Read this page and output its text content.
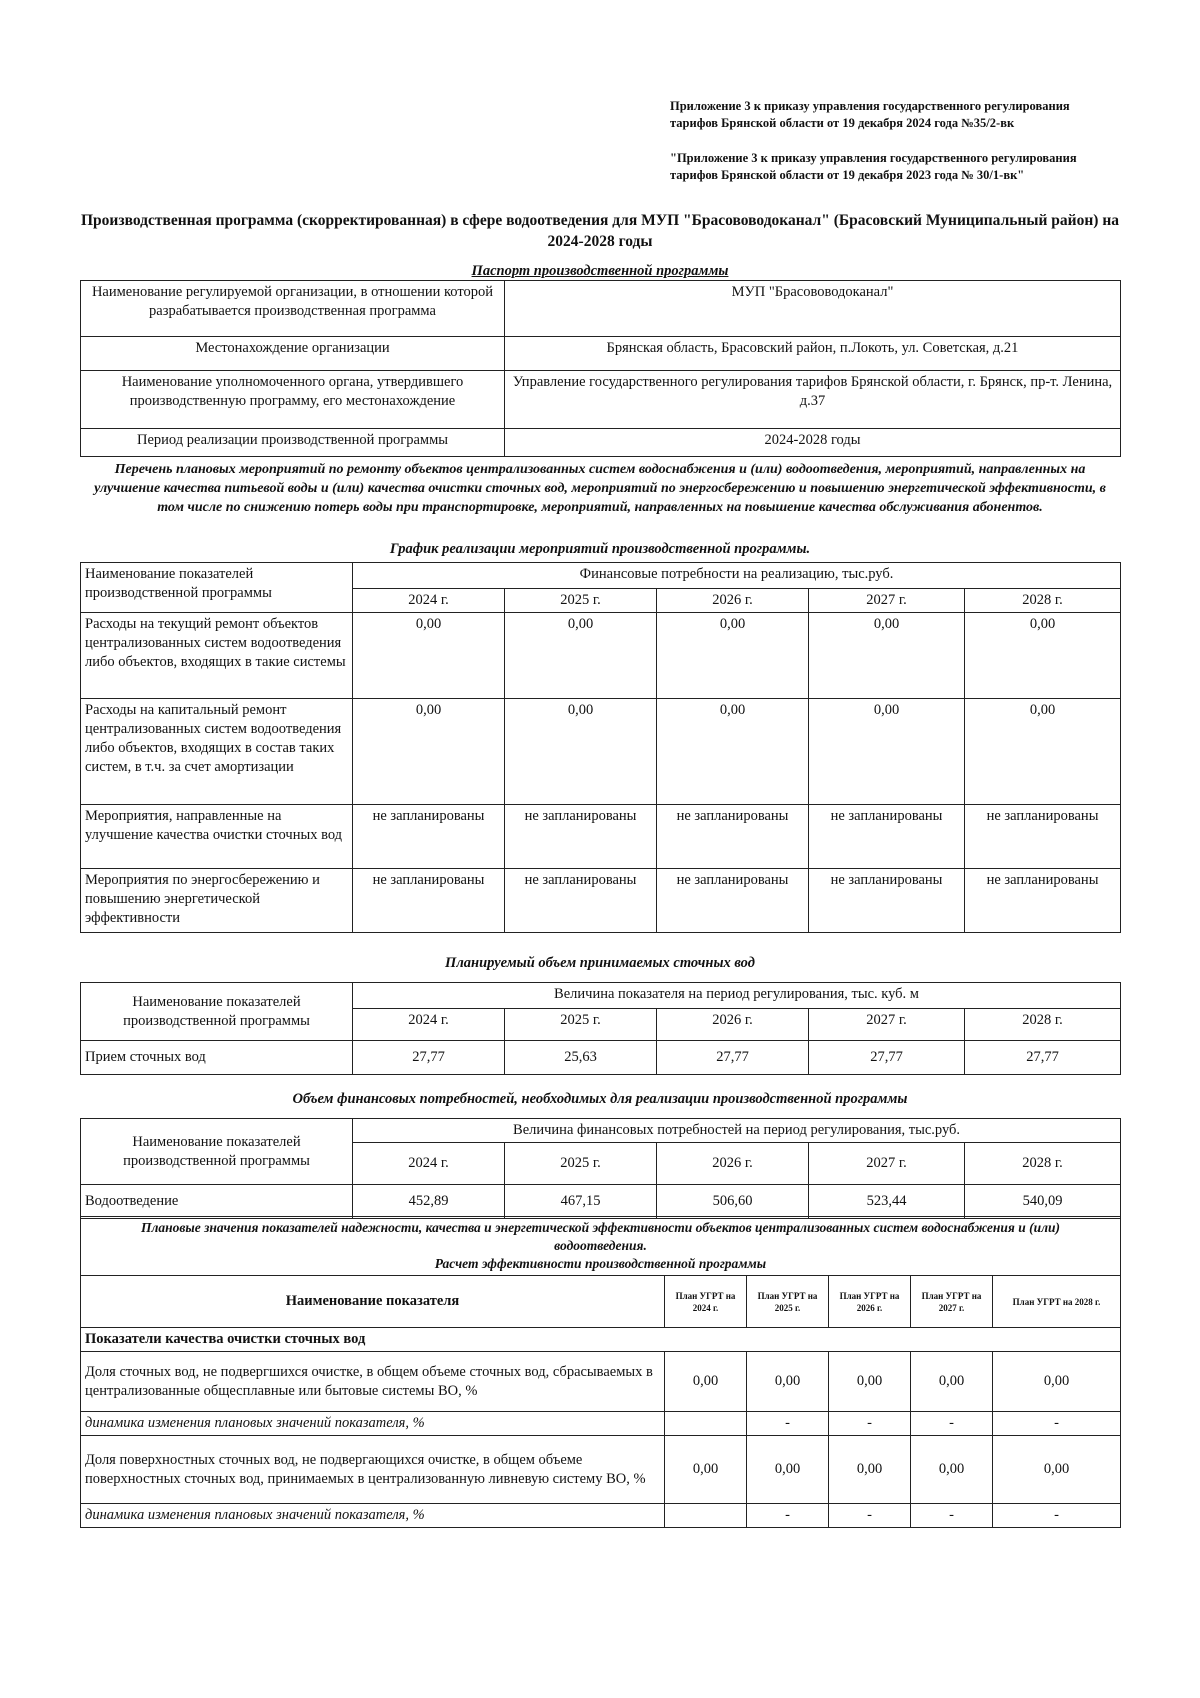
Приложение 3 к приказу управления государственного регулирования тарифов Брянской области от 19 декабря 2024 года №35/2-вк
"Приложение 3 к приказу управления государственного регулирования тарифов Брянской области от 19 декабря 2023 года № 30/1-вк"
Производственная программа (скорректированная) в сфере водоотведения для МУП "Брасововодоканал" (Брасовский Муниципальный район) на 2024-2028 годы
Паспорт производственной программы
Наименование регулируемой организации, в отношении которой разрабатывается производственная программа	МУП "Брасововодоканал"
Местонахождение организации	Брянская область, Брасовский район, п.Локоть, ул. Советская, д.21
Наименование уполномоченного органа, утвердившего производственную программу, его местонахождение	Управление государственного регулирования тарифов Брянской области, г. Брянск, пр-т. Ленина, д.37
Период реализации производственной программы	2024-2028 годы
Перечень плановых мероприятий по ремонту объектов централизованных систем водоснабжения и (или) водоотведения, мероприятий, направленных на улучшение качества питьевой воды и (или) качества очистки сточных вод, мероприятий по энергосбережению и повышению энергетической эффективности, в том числе по снижению потерь воды при транспортировке, мероприятий, направленных на повышение качества обслуживания абонентов.
График реализации мероприятий производственной программы.
Наименование показателей производственной программы	Финансовые потребности на реализацию, тыс.руб.				
	2024 г.	2025 г.	2026 г.	2027 г.	2028 г.
Расходы на текущий ремонт объектов централизованных систем водоотведения либо объектов, входящих в такие системы	0,00	0,00	0,00	0,00	0,00
Расходы на капитальный ремонт централизованных систем водоотведения либо объектов, входящих в состав таких систем, в т.ч. за счет амортизации	0,00	0,00	0,00	0,00	0,00
Мероприятия, направленные на улучшение качества очистки сточных вод	не запланированы	не запланированы	не запланированы	не запланированы	не запланированы
Мероприятия по энергосбережению и повышению энергетической эффективности	не запланированы	не запланированы	не запланированы	не запланированы	не запланированы
Планируемый объем принимаемых сточных вод
Наименование показателей производственной программы	Величина показателя на период регулирования, тыс. куб. м				
	2024 г.	2025 г.	2026 г.	2027 г.	2028 г.
Прием сточных вод	27,77	25,63	27,77	27,77	27,77
Объем финансовых потребностей, необходимых для реализации производственной программы
Наименование показателей производственной программы	Величина финансовых потребностей на период регулирования, тыс.руб.				
	2024 г.	2025 г.	2026 г.	2027 г.	2028 г.
Водоотведение	452,89	467,15	506,60	523,44	540,09
Плановые значения показателей надежности, качества и энергетической эффективности объектов централизованных систем водоснабжения и (или) водоотведения.
Расчет эффективности производственной программы					

Наименование показателя	План УГРТ на 2024 г.	План УГРТ на 2025 г.	План УГРТ на 2026 г.	План УГРТ на 2027 г.	План УГРТ на 2028 г.
Показатели качества очистки сточных вод					
Доля сточных вод, не подвергшихся очистке, в общем объеме сточных вод, сбрасываемых в централизованные общесплавные или бытовые системы ВО, %	0,00	0,00	0,00	0,00	0,00
динамика изменения плановых значений показателя, %		-	-	-	-
Доля поверхностных сточных вод, не подвергающихся очистке, в общем объеме поверхностных сточных вод, принимаемых в централизованную ливневую систему ВО, %	0,00	0,00	0,00	0,00	0,00
динамика изменения плановых значений показателя, %		-	-	-	-
